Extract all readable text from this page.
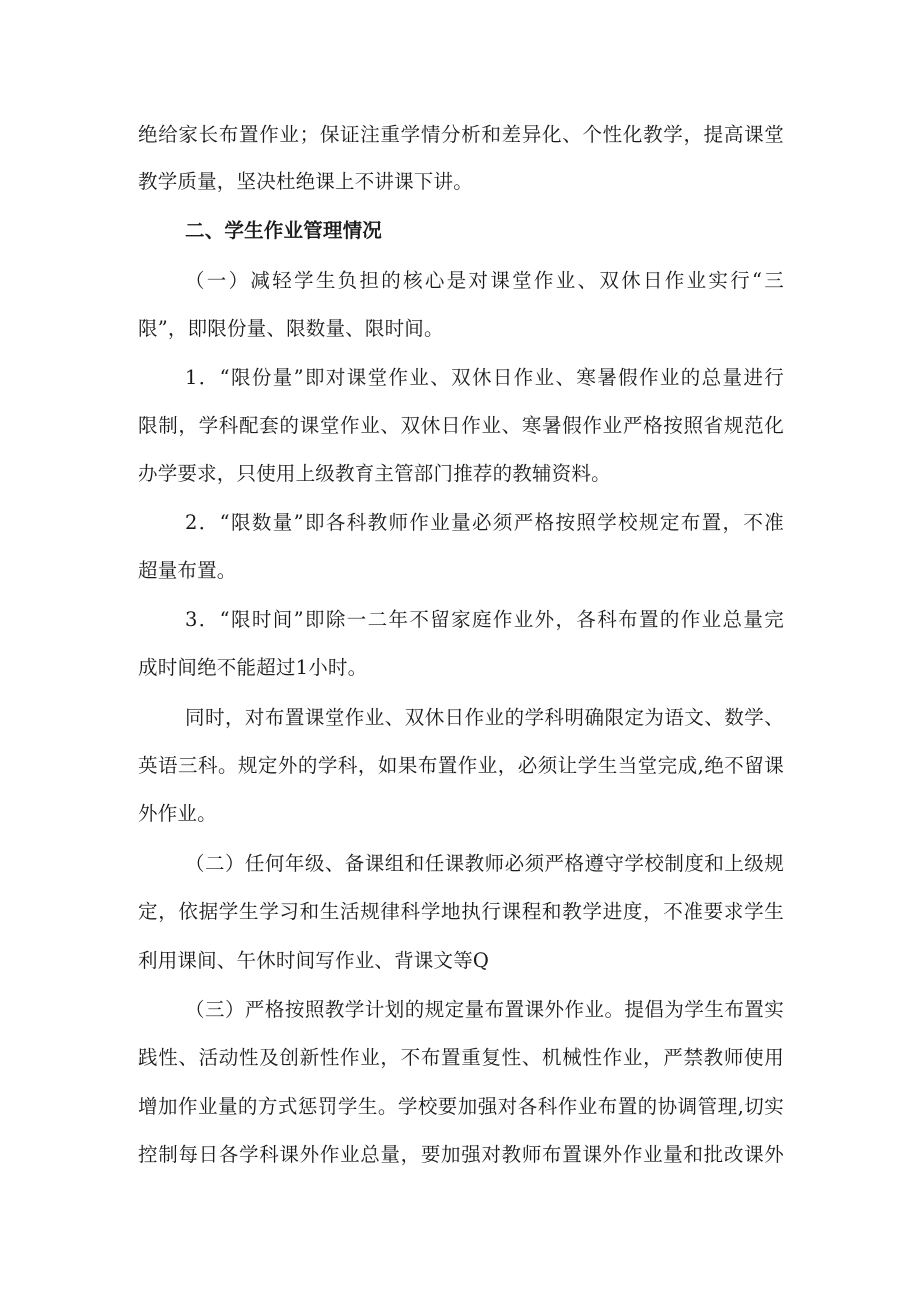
绝给家长布置作业；保证注重学情分析和差异化、个性化教学，提高课堂
教学质量，坚决杜绝课上不讲课下讲。
二、学生作业管理情况
（一）减轻学生负担的核心是对课堂作业、双休日作业实行“三
限”，即限份量、限数量、限时间。
1．“限份量”即对课堂作业、双休日作业、寒暑假作业的总量进行
限制，学科配套的课堂作业、双休日作业、寒暑假作业严格按照省规范化
办学要求，只使用上级教育主管部门推荐的教辅资料。
2．“限数量”即各科教师作业量必须严格按照学校规定布置，不准
超量布置。
3．“限时间”即除一二年不留家庭作业外，各科布置的作业总量完
成时间绝不能超过1小时。
同时，对布置课堂作业、双休日作业的学科明确限定为语文、数学、
英语三科。规定外的学科，如果布置作业，必须让学生当堂完成,绝不留课
外作业。
（二）任何年级、备课组和任课教师必须严格遵守学校制度和上级规
定，依据学生学习和生活规律科学地执行课程和教学进度，不准要求学生
利用课间、午休时间写作业、背课文等Q
（三）严格按照教学计划的规定量布置课外作业。提倡为学生布置实
践性、活动性及创新性作业，不布置重复性、机械性作业，严禁教师使用
增加作业量的方式惩罚学生。学校要加强对各科作业布置的协调管理,切实
控制每日各学科课外作业总量，要加强对教师布置课外作业量和批改课外
